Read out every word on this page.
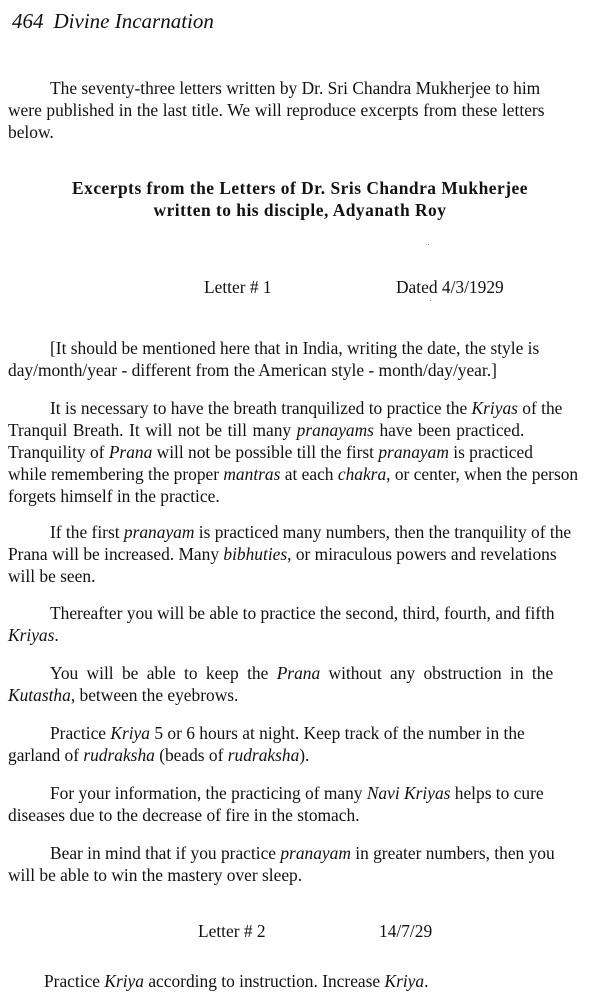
464 Divine Incarnation
The seventy-three letters written by Dr. Sri Chandra Mukherjee to him
were published in the last title. We will reproduce excerpts from these letters
below.
Excerpts from the Letters of Dr. Sris Chandra Mukherjee
written to his disciple, Adyanath Roy
Letter # 1	Dated 4/3/1929
[It should be mentioned here that in India, writing the date, the style is
day/month/year - different from the American style - month/day/year.]
It is necessary to have the breath tranquilized to practice the Kriyas of the
Tranquil Breath. It will not be till many pranayams have been practiced.
Tranquility of Prana will not be possible till the first pranayam is practiced
while remembering the proper mantras at each chakra, or center, when the person
forgets himself in the practice.
If the first pranayam is practiced many numbers, then the tranquility of the
Prana will be increased. Many bibhuties, or miraculous powers and revelations
will be seen.
Thereafter you will be able to practice the second, third, fourth, and fifth
Kriyas.
You will be able to keep the Prana without any obstruction in the
Kutastha, between the eyebrows.
Practice Kriya 5 or 6 hours at night. Keep track of the number in the
garland of rudraksha (beads of rudraksha).
For your information, the practicing of many Navi Kriyas helps to cure
diseases due to the decrease of fire in the stomach.
Bear in mind that if you practice pranayam in greater numbers, then you
will be able to win the mastery over sleep.
Letter # 2	14/7/29
Practice Kriya according to instruction. Increase Kriya.
